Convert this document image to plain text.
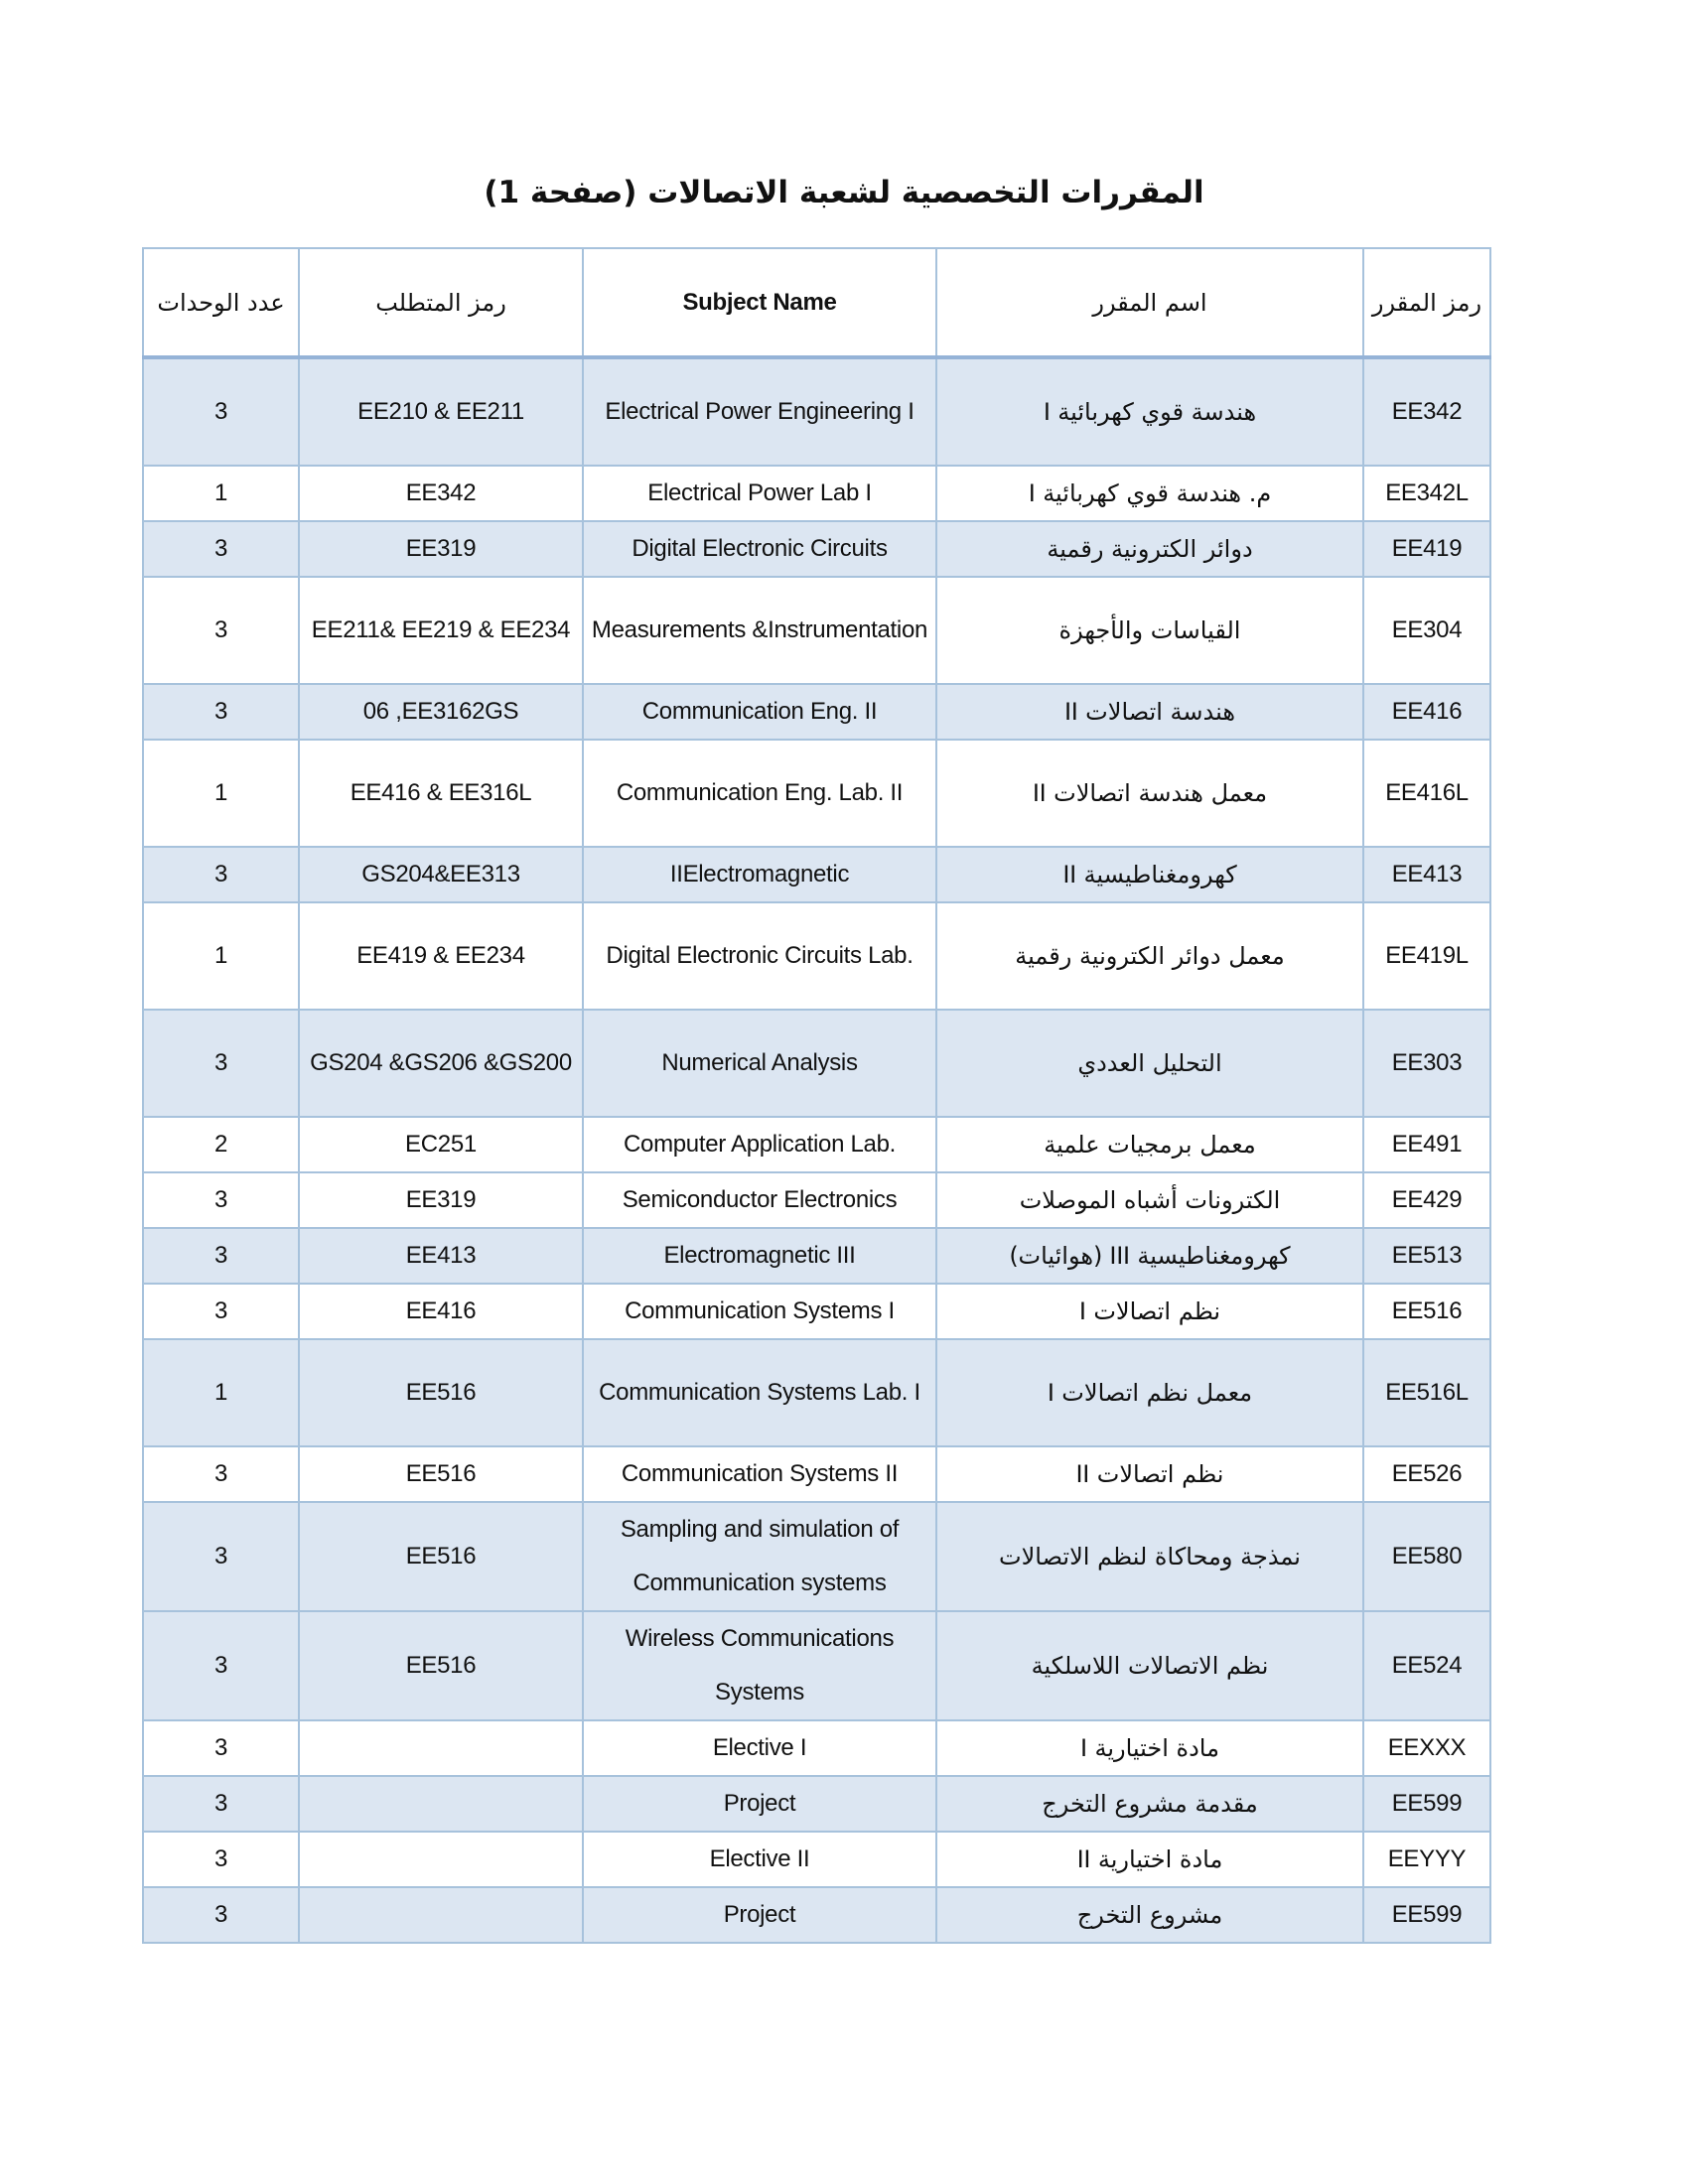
المقررات التخصصية لشعبة الاتصالات (صفحة 1)
عدد الوحدات	رمز المتطلب	Subject Name	اسم المقرر	رمز المقرر
3	EE210 & EE211	Electrical Power Engineering I	هندسة قوي كهربائية I	EE342
1	EE342	Electrical Power Lab I	م. هندسة قوي كهربائية I	EE342L
3	EE319	Digital Electronic Circuits	دوائر الكترونية رقمية	EE419
3	EE211& EE219 & EE234	Measurements &Instrumentation	القياسات والأجهزة	EE304
3	06 ,EE3162GS	Communication Eng. II	هندسة اتصالات II	EE416
1	EE416 & EE316L	Communication Eng. Lab. II	معمل هندسة اتصالات II	EE416L
3	GS204&EE313	IIElectromagnetic	كهرومغناطيسية II	EE413
1	EE419 & EE234	Digital Electronic Circuits Lab.	معمل دوائر الكترونية رقمية	EE419L
3	GS204 &GS206 &GS200	Numerical Analysis	التحليل العددي	EE303
2	EC251	Computer Application Lab.	معمل برمجيات علمية	EE491
3	EE319	Semiconductor Electronics	الكترونات أشباه الموصلات	EE429
3	EE413	Electromagnetic III	كهرومغناطيسية III (هوائيات)	EE513
3	EE416	Communication Systems I	نظم اتصالات I	EE516
1	EE516	Communication Systems Lab. I	معمل نظم اتصالات I	EE516L
3	EE516	Communication Systems II	نظم اتصالات II	EE526
3	EE516	Sampling and simulation of Communication systems	نمذجة ومحاكاة لنظم الاتصالات	EE580
3	EE516	Wireless Communications Systems	نظم الاتصالات اللاسلكية	EE524
3		Elective I	مادة اختيارية I	EEXXX
3		Project	مقدمة مشروع التخرج	EE599
3		Elective II	مادة اختيارية II	EEYYY
3		Project	مشروع التخرج	EE599
